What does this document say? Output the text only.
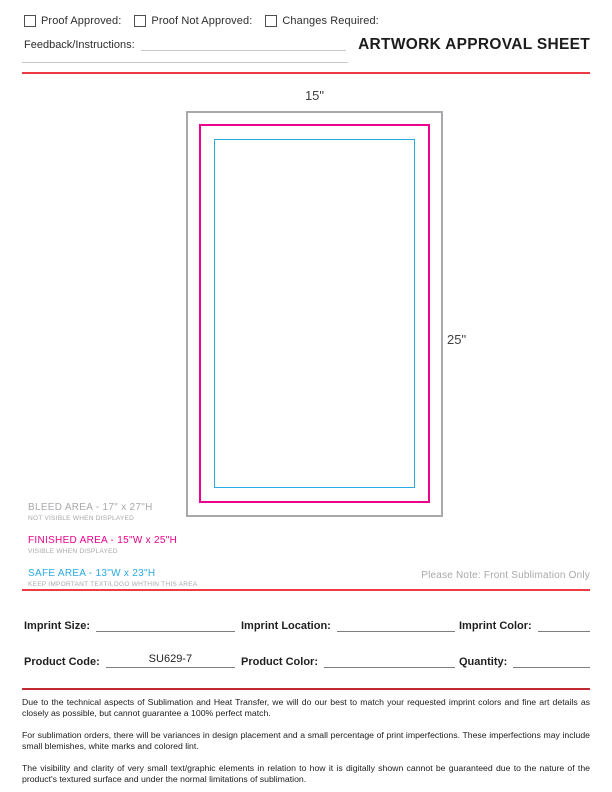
Proof Approved:	Proof Not Approved:	Changes Required:
Feedback/Instructions:	ARTWORK APPROVAL SHEET
15"
25"
BLEED AREA - 17" x 27"H
NOT VISIBLE WHEN DISPLAYED
FINISHED AREA - 15"W x 25"H
VISIBLE WHEN DISPLAYED
SAFE AREA - 13"W x 23"H
KEEP IMPORTANT TEXT/LOGO WHTHIN THIS AREA
Please Note: Front Sublimation Only
Imprint Size:	Imprint Location:	Imprint Color:
Product Code:	SU629-7	Product Color:	Quantity:

Due to the technical aspects of Sublimation and Heat Transfer, we will do our best to match your requested imprint colors and fine art details as closely as possible, but cannot guarantee a 100% perfect match.

For sublimation orders, there will be variances in design placement and a small percentage of print imperfections. These imperfections may include small blemishes, white marks and colored lint.

The visibility and clarity of very small text/graphic elements in relation to how it is digitally shown cannot be guaranteed due to the nature of the product's textured surface and under the normal limitations of sublimation.
